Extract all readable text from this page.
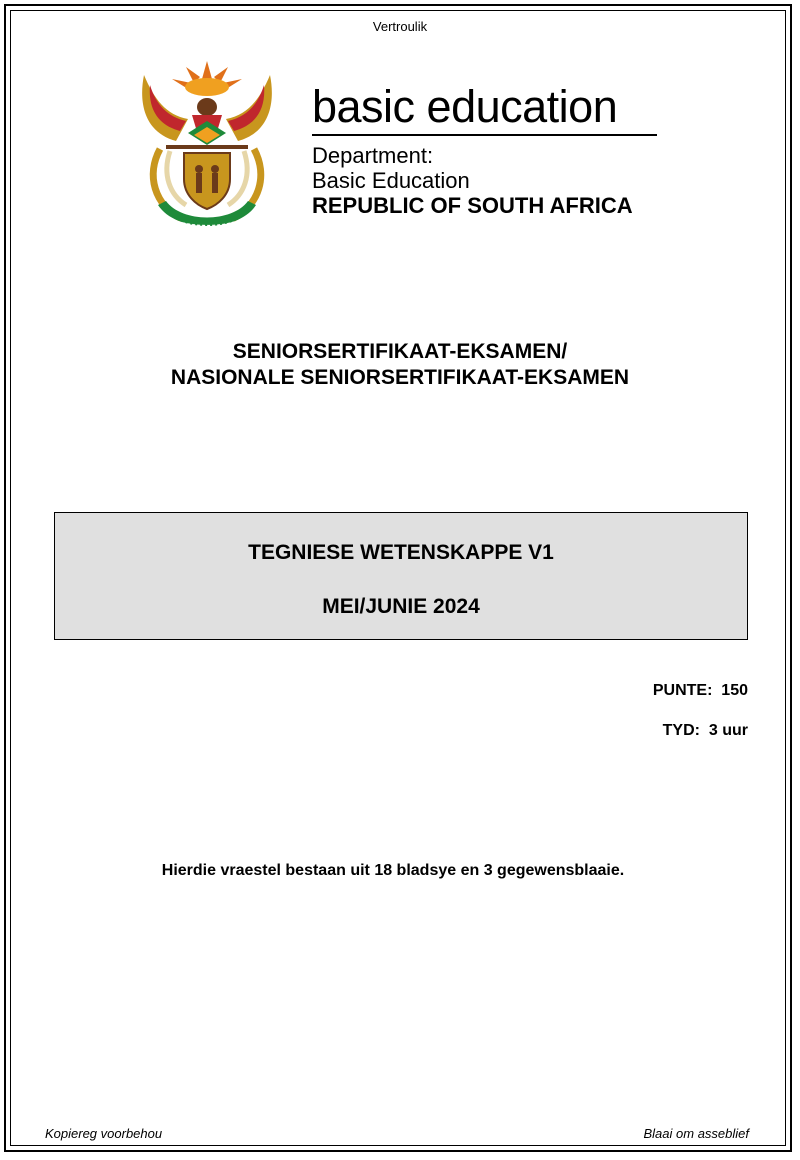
Vertroulik
basic education
Department:
Basic Education
REPUBLIC OF SOUTH AFRICA
SENIORSERTIFIKAAT-EKSAMEN/
NASIONALE SENIORSERTIFIKAAT-EKSAMEN
TEGNIESE WETENSKAPPE V1
MEI/JUNIE 2024
PUNTE:  150
TYD:  3 uur
Hierdie vraestel bestaan uit 18 bladsye en 3 gegewensblaaie.
Kopiereg voorbehou	Blaai om asseblief
